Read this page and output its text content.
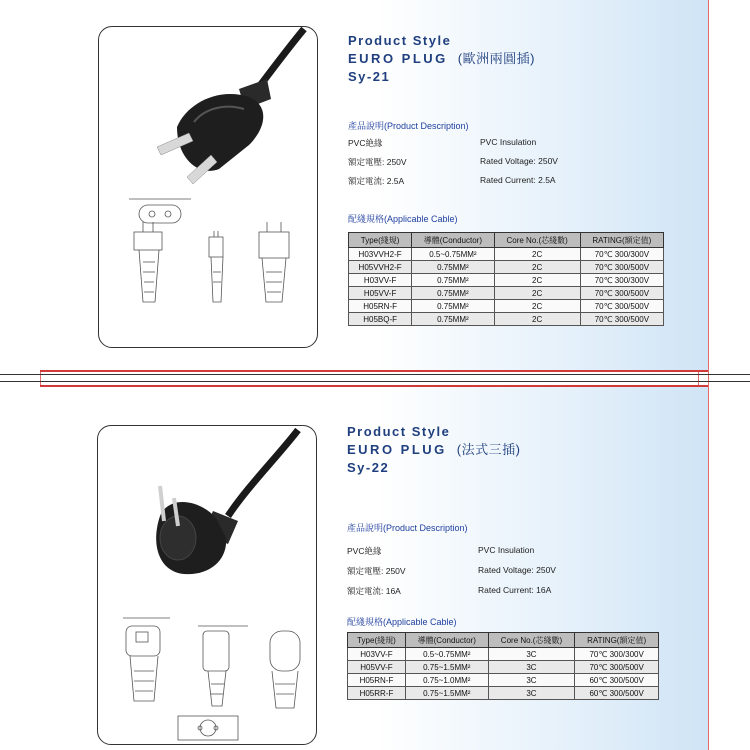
Product Style
EURO PLUG (歐洲兩圓插)
Sy-21
產品說明(Product Description)
PVC絶緣	PVC Insulation
額定電壓: 250V	Rated Voltage: 250V
額定電流: 2.5A	Rated Current: 2.5A
配綫規格(Applicable Cable)
Type(綫規)	導體(Conductor)	Core No.(芯綫數)	RATING(額定值)
H03VVH2-F	0.5~0.75MM²	2C	70℃ 300/300V
H05VVH2-F	0.75MM²	2C	70℃ 300/500V
H03VV-F	0.75MM²	2C	70℃ 300/300V
H05VV-F	0.75MM²	2C	70℃ 300/500V
H05RN-F	0.75MM²	2C	70℃ 300/500V
H05BQ-F	0.75MM²	2C	70℃ 300/500V
Product Style
EURO PLUG (法式三插)
Sy-22
產品說明(Product Description)
PVC絶緣	PVC Insulation
額定電壓: 250V	Rated Voltage: 250V
額定電流: 16A	Rated Current: 16A
配綫規格(Applicable Cable)
Type(綫規)	導體(Conductor)	Core No.(芯綫數)	RATING(額定值)
H03VV-F	0.5~0.75MM²	3C	70℃ 300/300V
H05VV-F	0.75~1.5MM²	3C	70℃ 300/500V
H05RN-F	0.75~1.0MM²	3C	60℃ 300/500V
H05RR-F	0.75~1.5MM²	3C	60℃ 300/500V
